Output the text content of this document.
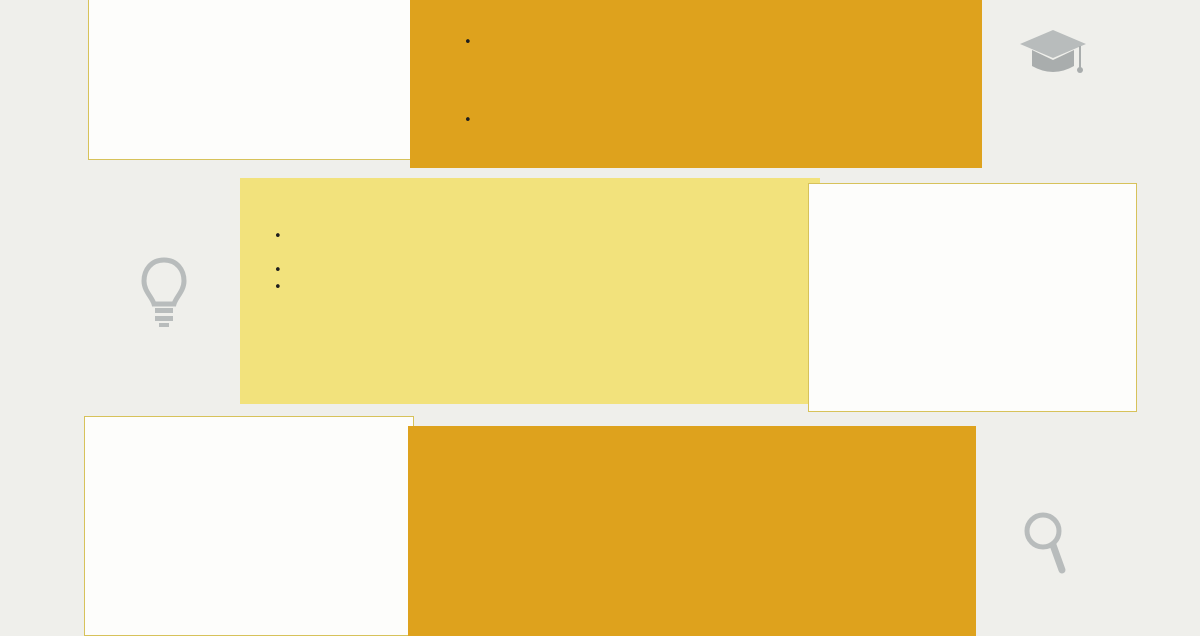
•

•

•

•
